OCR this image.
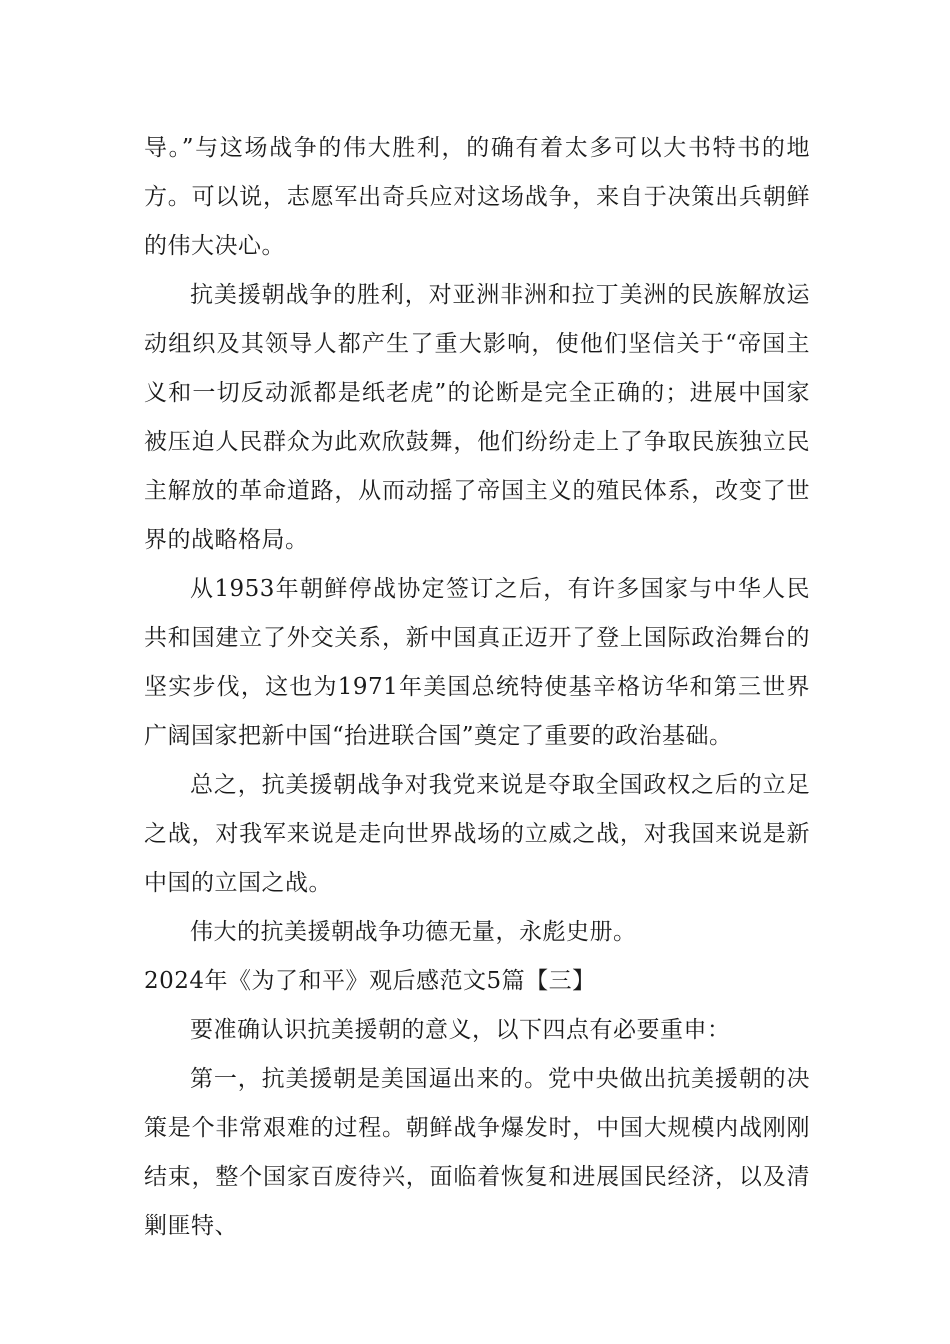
导。”与这场战争的伟大胜利，的确有着太多可以大书特书的地方。可以说，志愿军出奇兵应对这场战争，来自于决策出兵朝鲜的伟大决心。

抗美援朝战争的胜利，对亚洲非洲和拉丁美洲的民族解放运动组织及其领导人都产生了重大影响，使他们坚信关于“帝国主义和一切反动派都是纸老虎”的论断是完全正确的；进展中国家被压迫人民群众为此欢欣鼓舞，他们纷纷走上了争取民族独立民主解放的革命道路，从而动摇了帝国主义的殖民体系，改变了世界的战略格局。

从1953年朝鲜停战协定签订之后，有许多国家与中华人民共和国建立了外交关系，新中国真正迈开了登上国际政治舞台的坚实步伐，这也为1971年美国总统特使基辛格访华和第三世界广阔国家把新中国“抬进联合国”奠定了重要的政治基础。

总之，抗美援朝战争对我党来说是夺取全国政权之后的立足之战，对我军来说是走向世界战场的立威之战，对我国来说是新中国的立国之战。

伟大的抗美援朝战争功德无量，永彪史册。

2024年《为了和平》观后感范文5篇【三】

要准确认识抗美援朝的意义，以下四点有必要重申：

第一，抗美援朝是美国逼出来的。党中央做出抗美援朝的决策是个非常艰难的过程。朝鲜战争爆发时，中国大规模内战刚刚结束，整个国家百废待兴，面临着恢复和进展国民经济，以及清剿匪特、
